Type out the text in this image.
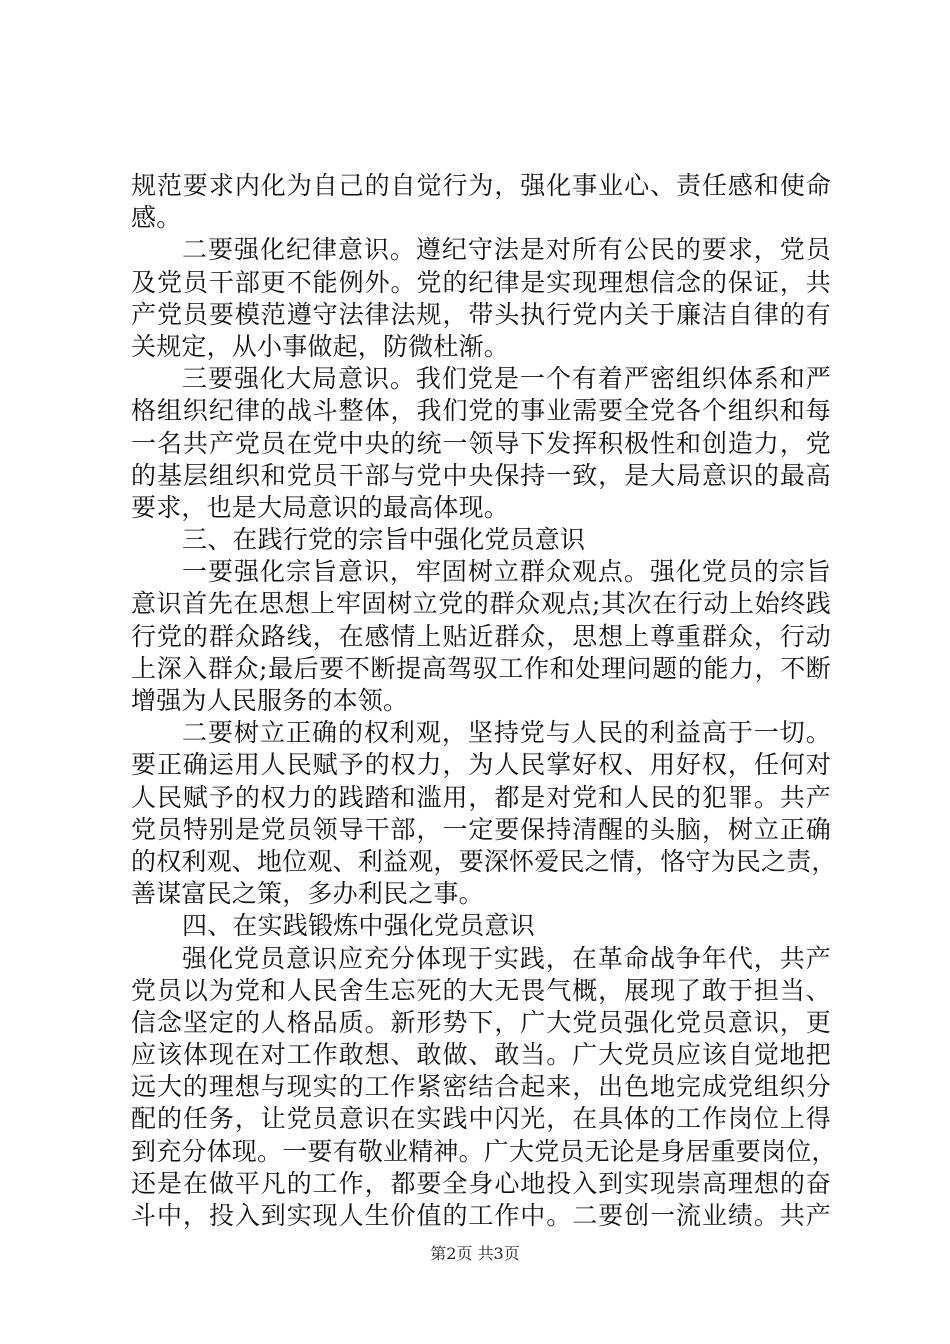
规范要求内化为自己的自觉行为，强化事业心、责任感和使命
感。
二要强化纪律意识。遵纪守法是对所有公民的要求，党员
及党员干部更不能例外。党的纪律是实现理想信念的保证，共
产党员要模范遵守法律法规，带头执行党内关于廉洁自律的有
关规定，从小事做起，防微杜渐。
三要强化大局意识。我们党是一个有着严密组织体系和严
格组织纪律的战斗整体，我们党的事业需要全党各个组织和每
一名共产党员在党中央的统一领导下发挥积极性和创造力，党
的基层组织和党员干部与党中央保持一致，是大局意识的最高
要求，也是大局意识的最高体现。
三、在践行党的宗旨中强化党员意识
一要强化宗旨意识，牢固树立群众观点。强化党员的宗旨
意识首先在思想上牢固树立党的群众观点;其次在行动上始终践
行党的群众路线，在感情上贴近群众，思想上尊重群众，行动
上深入群众;最后要不断提高驾驭工作和处理问题的能力，不断
增强为人民服务的本领。
二要树立正确的权利观，坚持党与人民的利益高于一切。
要正确运用人民赋予的权力，为人民掌好权、用好权，任何对
人民赋予的权力的践踏和滥用，都是对党和人民的犯罪。共产
党员特别是党员领导干部，一定要保持清醒的头脑，树立正确
的权利观、地位观、利益观，要深怀爱民之情，恪守为民之责，
善谋富民之策，多办利民之事。
四、在实践锻炼中强化党员意识
强化党员意识应充分体现于实践，在革命战争年代，共产
党员以为党和人民舍生忘死的大无畏气概，展现了敢于担当、
信念坚定的人格品质。新形势下，广大党员强化党员意识，更
应该体现在对工作敢想、敢做、敢当。广大党员应该自觉地把
远大的理想与现实的工作紧密结合起来，出色地完成党组织分
配的任务，让党员意识在实践中闪光，在具体的工作岗位上得
到充分体现。一要有敬业精神。广大党员无论是身居重要岗位，
还是在做平凡的工作，都要全身心地投入到实现崇高理想的奋
斗中，投入到实现人生价值的工作中。二要创一流业绩。共产
第2页 共3页
